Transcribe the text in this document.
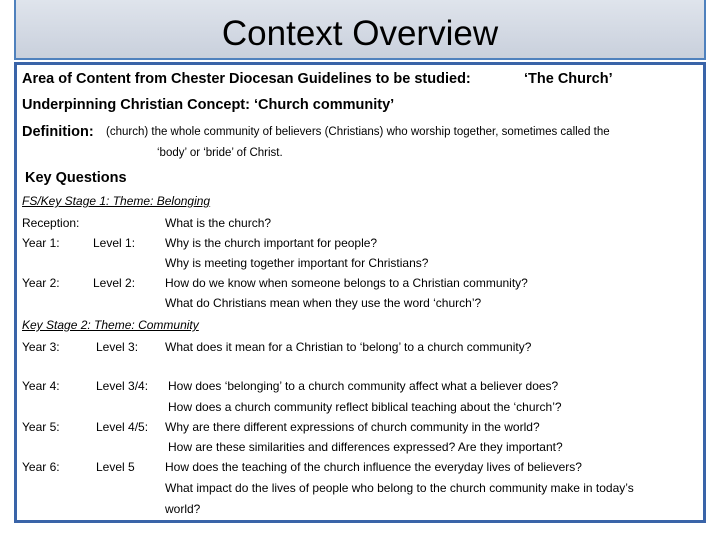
Context Overview
Area of Content from Chester Diocesan Guidelines to be studied:	‘The Church’
Underpinning Christian Concept: ‘Church community’
Definition: (church) the whole community of believers (Christians) who worship together, sometimes called the
‘body’ or ‘bride’ of Christ.
Key Questions
FS/Key Stage 1: Theme: Belonging
Reception:	What is the church?
Year 1:	Level 1: Why is the church important for people?
Why is meeting together important for Christians?
Year 2:	Level 2: How do we know when someone belongs to a Christian community?
What do Christians mean when they use the word ‘church’?
Key Stage 2: Theme: Community
Year 3:	Level 3: What does it mean for a Christian to ‘belong’ to a church community?
Year 4:	Level 3/4: How does ‘belonging’ to a church community affect what a believer does?
How does a church community reflect biblical teaching about the ‘church’?
Year 5:	Level 4/5: Why are there different expressions of church community in the world?
How are these similarities and differences expressed? Are they important?
Year 6:	Level 5	How does the teaching of the church influence the everyday lives of believers?
What impact do the lives of people who belong to the church community make in today’s
world?
